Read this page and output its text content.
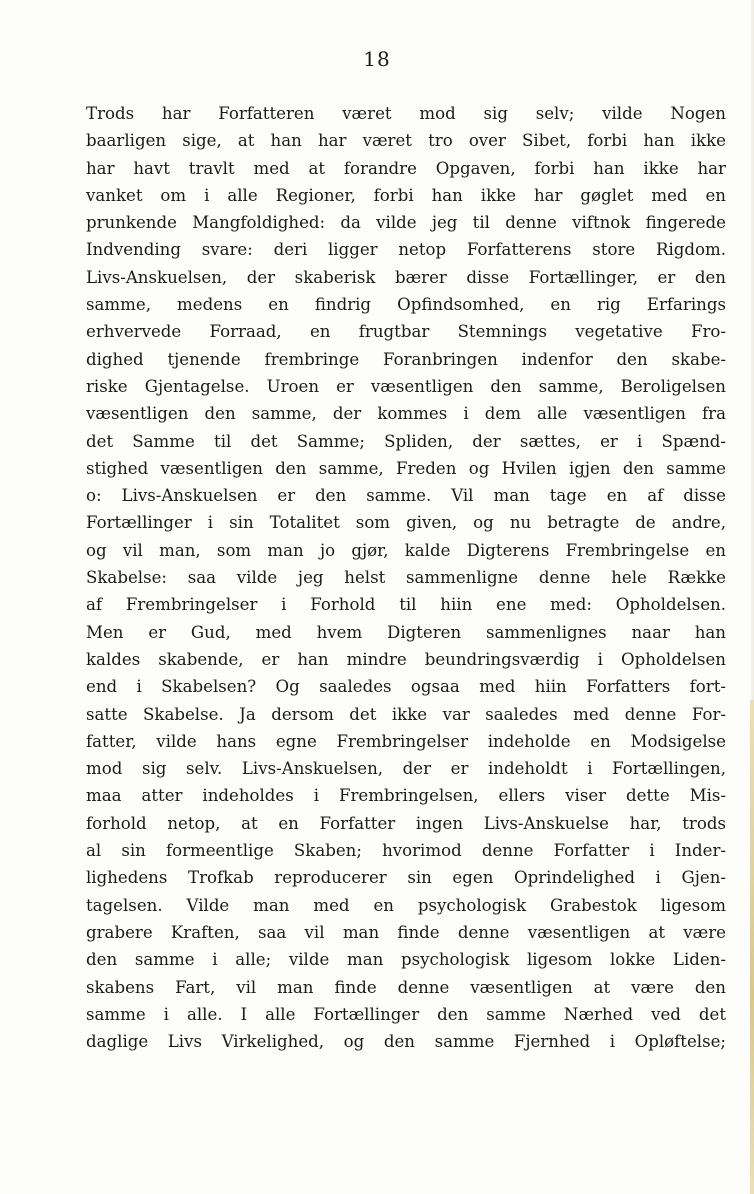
18
Trods har Forfatteren været mod sig selv; vilde Nogen
baarligen sige, at han har været tro over Sibet, forbi han ikke
har havt travlt med at forandre Opgaven, forbi han ikke har
vanket om i alle Regioner, forbi han ikke har gøglet med en
prunkende Mangfoldighed: da vilde jeg til denne viftnok fingerede
Indvending svare: deri ligger netop Forfatterens store Rigdom.
Livs-Anskuelsen, der skaberisk bærer disse Fortællinger, er den
samme, medens en findrig Opfindsomhed, en rig Erfarings
erhvervede Forraad, en frugtbar Stemnings vegetative Fro-
dighed tjenende frembringe Foranbringen indenfor den skabe-
riske Gjentagelse. Uroen er væsentligen den samme, Beroligelsen
væsentligen den samme, der kommes i dem alle væsentligen fra
det Samme til det Samme; Spliden, der sættes, er i Spænd-
stighed væsentligen den samme, Freden og Hvilen igjen den samme
o: Livs-Anskuelsen er den samme. Vil man tage en af disse
Fortællinger i sin Totalitet som given, og nu betragte de andre,
og vil man, som man jo gjør, kalde Digterens Frembringelse en
Skabelse: saa vilde jeg helst sammenligne denne hele Række
af Frembringelser i Forhold til hiin ene med: Opholdelsen.
Men er Gud, med hvem Digteren sammenlignes naar han
kaldes skabende, er han mindre beundringsværdig i Opholdelsen
end i Skabelsen? Og saaledes ogsaa med hiin Forfatters fort-
satte Skabelse. Ja dersom det ikke var saaledes med denne For-
fatter, vilde hans egne Frembringelser indeholde en Modsigelse
mod sig selv. Livs-Anskuelsen, der er indeholdt i Fortællingen,
maa atter indeholdes i Frembringelsen, ellers viser dette Mis-
forhold netop, at en Forfatter ingen Livs-Anskuelse har, trods
al sin formeentlige Skaben; hvorimod denne Forfatter i Inder-
lighedens Trofkab reproducerer sin egen Oprindelighed i Gjen-
tagelsen. Vilde man med en psychologisk Grabestok ligesom
grabere Kraften, saa vil man finde denne væsentligen at være
den samme i alle; vilde man psychologisk ligesom lokke Liden-
skabens Fart, vil man finde denne væsentligen at være den
samme i alle. I alle Fortællinger den samme Nærhed ved det
daglige Livs Virkelighed, og den samme Fjernhed i Opløftelse;
